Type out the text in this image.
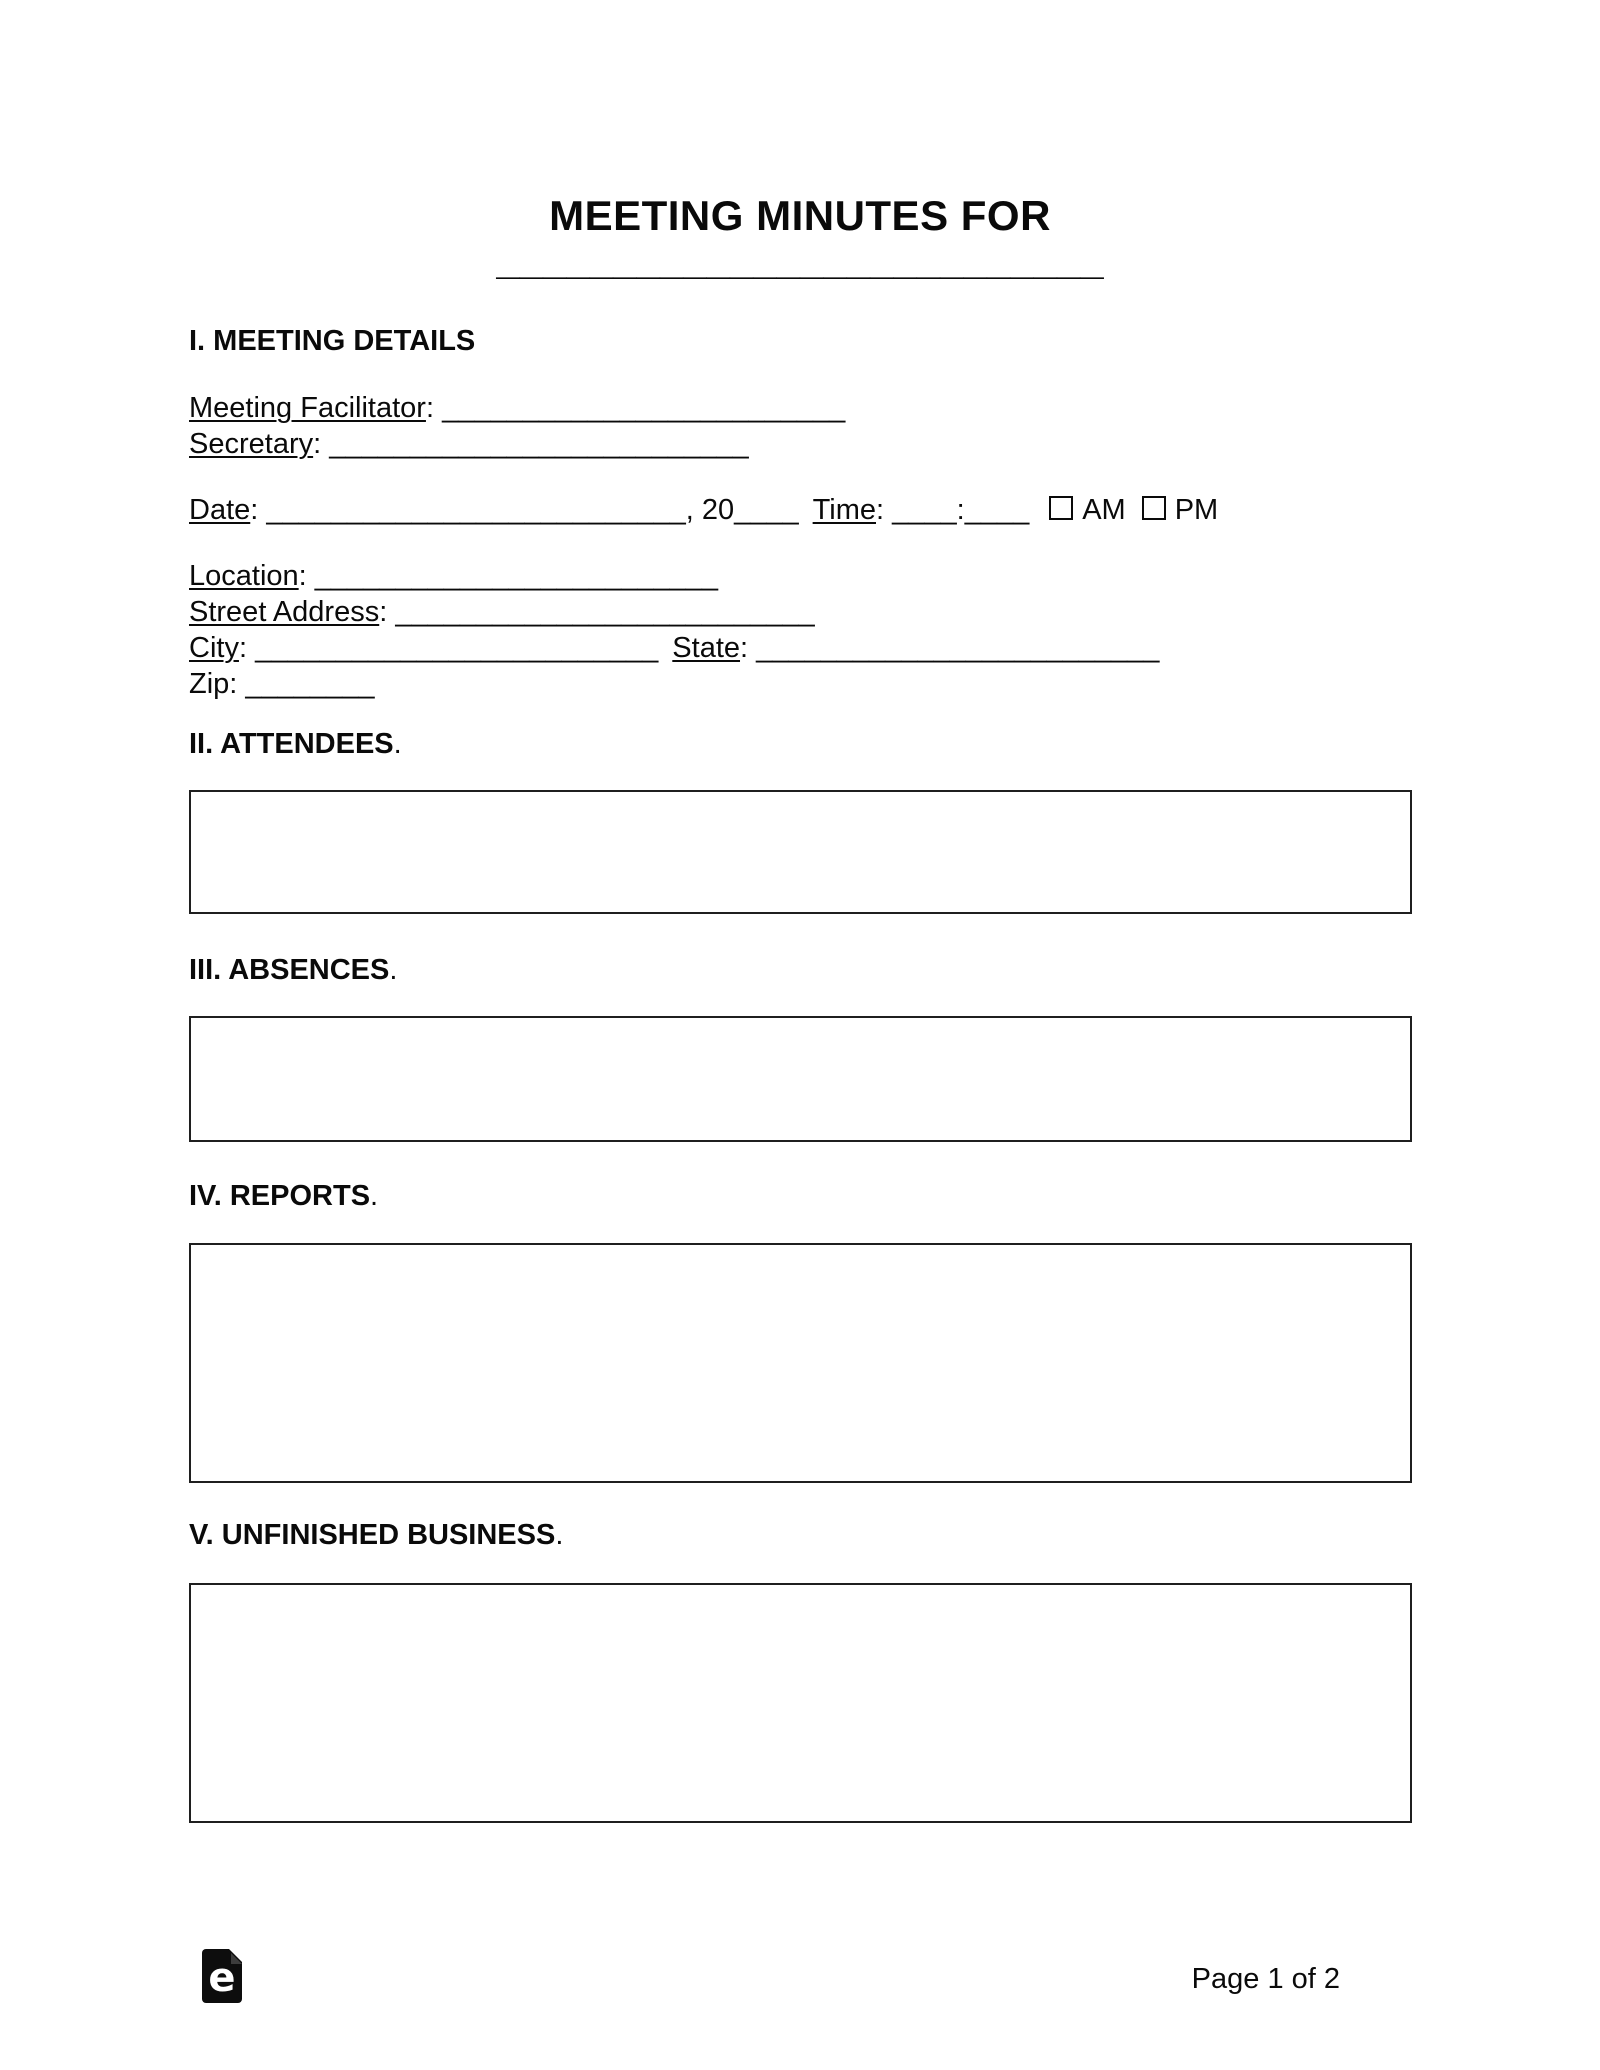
MEETING MINUTES FOR
__________________________
I. MEETING DETAILS
Meeting Facilitator: _________________________
Secretary: __________________________
Date: __________________________, 20____ Time: ____:____ AM PM
Location: _________________________
Street Address: __________________________
City: _________________________ State: _________________________
Zip: ________
II. ATTENDEES.
III. ABSENCES.
IV. REPORTS.
V. UNFINISHED BUSINESS.
e	Page 1 of 2
